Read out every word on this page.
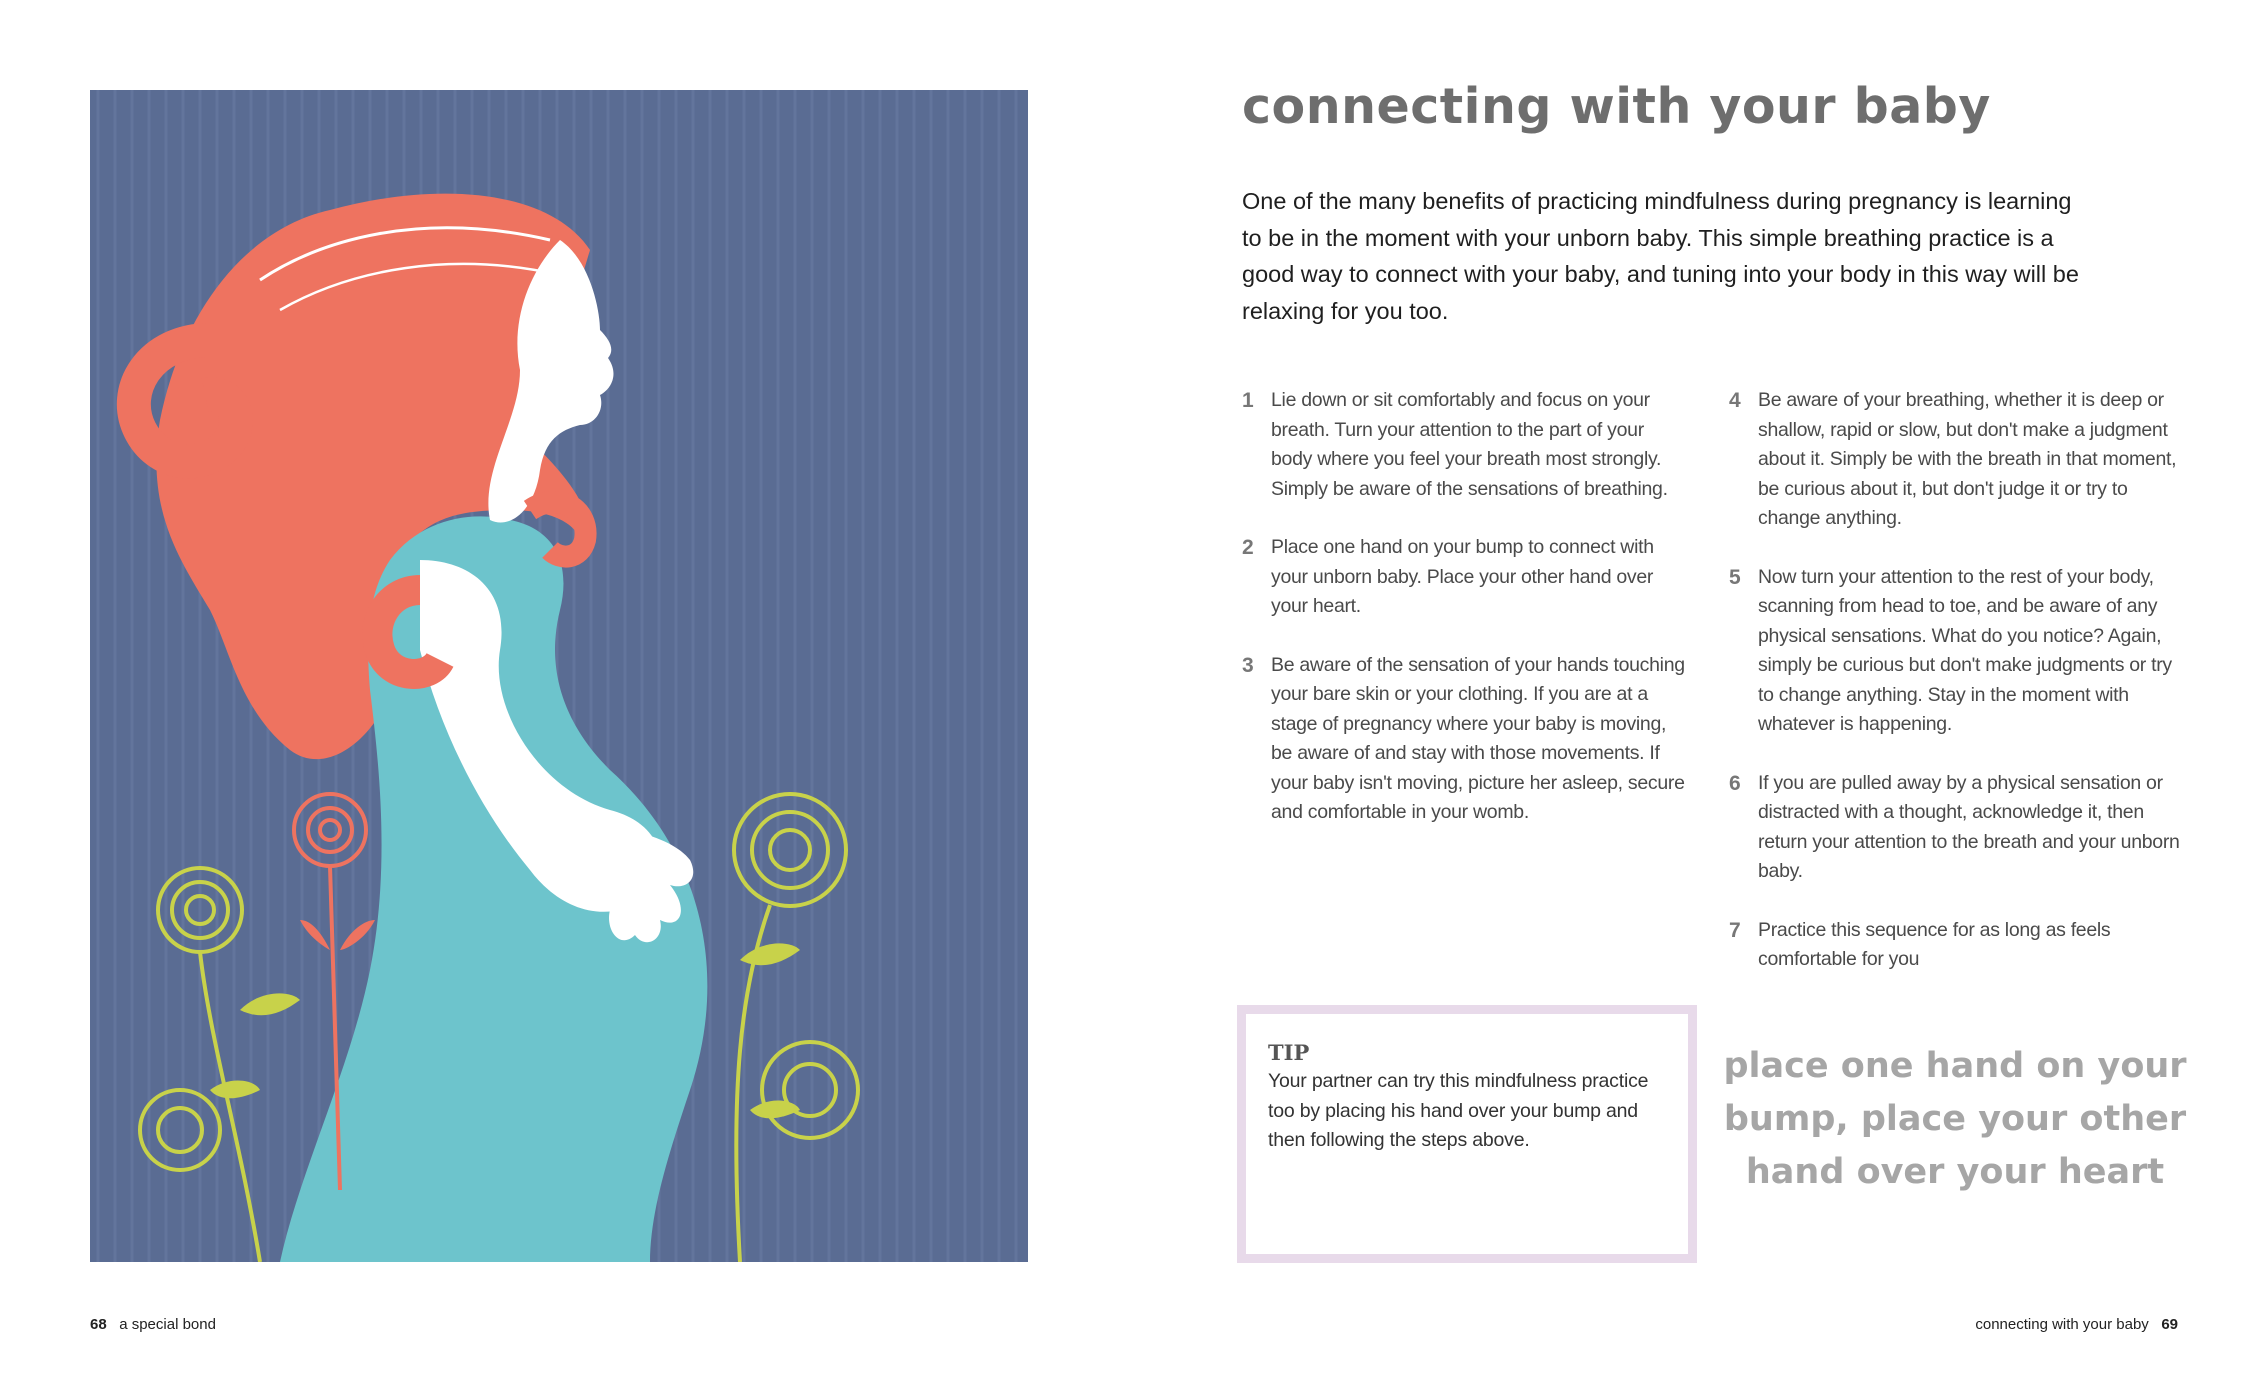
connecting with your baby

One of the many benefits of practicing mindfulness during pregnancy is learning to be in the moment with your unborn baby. This simple breathing practice is a good way to connect with your baby, and tuning into your body in this way will be relaxing for you too.

1 Lie down or sit comfortably and focus on your breath. Turn your attention to the part of your body where you feel your breath most strongly. Simply be aware of the sensations of breathing.
2 Place one hand on your bump to connect with your unborn baby. Place your other hand over your heart.
3 Be aware of the sensation of your hands touching your bare skin or your clothing. If you are at a stage of pregnancy where your baby is moving, be aware of and stay with those movements. If your baby isn't moving, picture her asleep, secure and comfortable in your womb.
4 Be aware of your breathing, whether it is deep or shallow, rapid or slow, but don't make a judgment about it. Simply be with the breath in that moment, be curious about it, but don't judge it or try to change anything.
5 Now turn your attention to the rest of your body, scanning from head to toe, and be aware of any physical sensations. What do you notice? Again, simply be curious but don't make judgments or try to change anything. Stay in the moment with whatever is happening.
6 If you are pulled away by a physical sensation or distracted with a thought, acknowledge it, then return your attention to the breath and your unborn baby.
7 Practice this sequence for as long as feels comfortable for you
TIP
Your partner can try this mindfulness practice too by placing his hand over your bump and then following the steps above.

place one hand on your bump, place your other hand over your heart

68 a special bond	connecting with your baby 69
